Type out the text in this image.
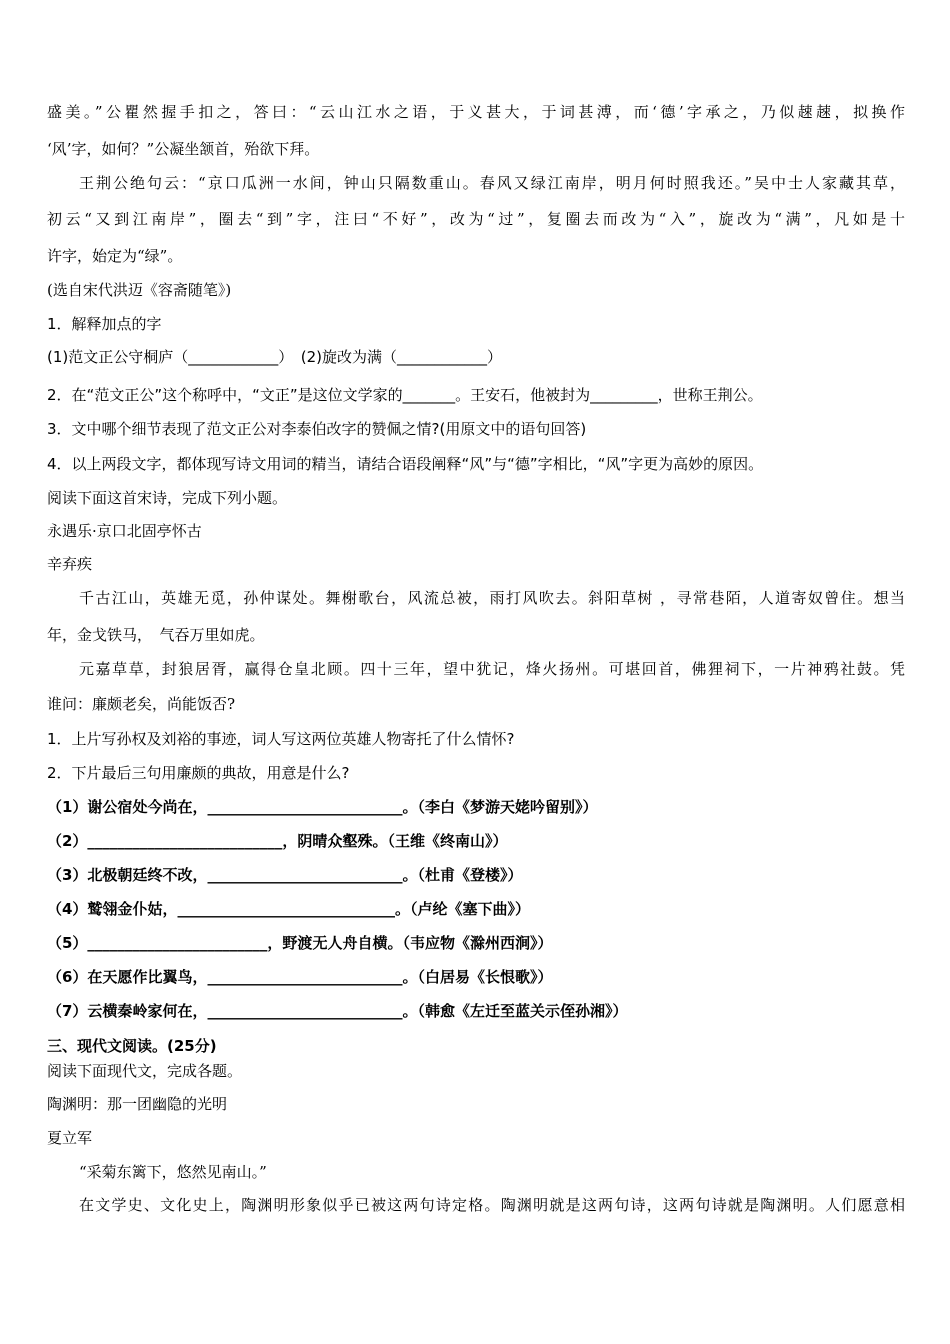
盛美。”公瞿然握手扣之，答曰：“云山江水之语，于义甚大，于词甚溥，而‘德’字承之，乃似趚趚，拟换作
‘风’字，如何？”公凝坐颔首，殆欲下拜。
王荆公绝句云：“京口瓜洲一水间，钟山只隔数重山。春风又绿江南岸，明月何时照我还。”吴中士人家藏其草，
初云“又到江南岸”，圈去“到”字，注曰“不好”，改为“过”，复圈去而改为“入”，旋改为“满”，凡如是十
许字，始定为“绿”。
(选自宋代洪迈《容斋随笔》)
1．解释加点的字
(1)范文正公守桐庐（____________）　(2)旋改为满（____________）
2．在“范文正公”这个称呼中，“文正”是这位文学家的_______。王安石，他被封为_________，世称王荆公。
3．文中哪个细节表现了范文正公对李泰伯改字的赞佩之情?(用原文中的语句回答)
4．以上两段文字，都体现写诗文用词的精当，请结合语段阐释“风”与“德”字相比，“风”字更为高妙的原因。
阅读下面这首宋诗，完成下列小题。
永遇乐·京口北固亭怀古
辛弃疾
千古江山，英雄无觅，孙仲谋处。舞榭歌台，风流总被，雨打风吹去。斜阳草树 ，寻常巷陌，人道寄奴曾住。想当
年，金戈铁马，　气吞万里如虎。
元嘉草草，封狼居胥，赢得仓皇北顾。四十三年，望中犹记，烽火扬州。可堪回首，佛狸祠下，一片神鸦社鼓。凭
谁问：廉颇老矣，尚能饭否?
1．上片写孙权及刘裕的事迹，词人写这两位英雄人物寄托了什么情怀?
2．下片最后三句用廉颇的典故，用意是什么?
（1）谢公宿处今尚在，__________________________。（李白《梦游天姥吟留别》）
（2）__________________________，阴晴众壑殊。（王维《终南山》）
（3）北极朝廷终不改，__________________________。（杜甫《登楼》）
（4）鹫翎金仆姑，_____________________________。（卢纶《塞下曲》）
（5）________________________，野渡无人舟自横。（韦应物《滁州西涧》）
（6）在天愿作比翼鸟，__________________________。（白居易《长恨歌》）
（7）云横秦岭家何在，__________________________。（韩愈《左迁至蓝关示侄孙湘》）
三、现代文阅读。(25分)
阅读下面现代文，完成各题。
陶渊明：那一团幽隐的光明
夏立军
“采菊东篱下，悠然见南山。”
在文学史、文化史上，陶渊明形象似乎已被这两句诗定格。陶渊明就是这两句诗，这两句诗就是陶渊明。人们愿意相
